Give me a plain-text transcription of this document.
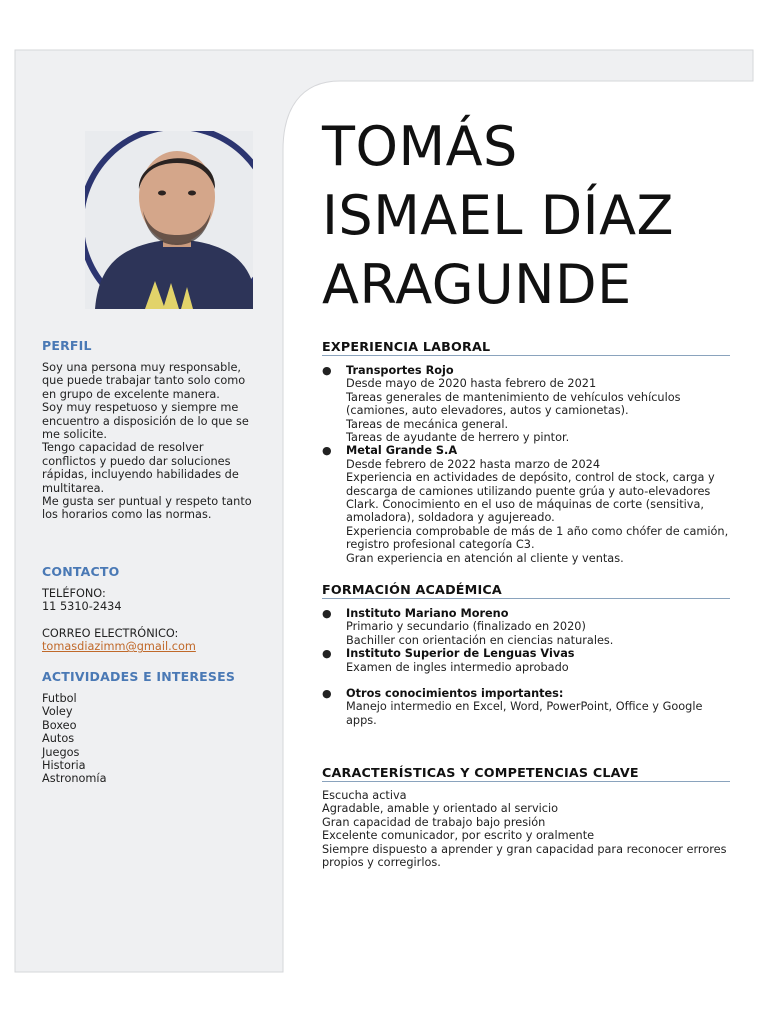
PERFIL

Soy una persona muy responsable, que puede trabajar tanto solo como en grupo de excelente manera.

Soy muy respetuoso y siempre me encuentro a disposición de lo que se me solicite.

Tengo capacidad de resolver conflictos y puedo dar soluciones rápidas, incluyendo habilidades de multitarea.

Me gusta ser puntual y respeto tanto los horarios como las normas.

CONTACTO

TELÉFONO:

11 5310-2434

CORREO ELECTRÓNICO:

tomasdiazimm@gmail.com

ACTIVIDADES E INTERESES

Futbol

Voley

Boxeo

Autos

Juegos

Historia

Astronomía

TOMÁS
ISMAEL DÍAZ
ARAGUNDE
EXPERIENCIA LABORAL
● Transportes Rojo
Desde mayo de 2020 hasta febrero de 2021
Tareas generales de mantenimiento de vehículos vehículos (camiones, auto elevadores, autos y camionetas).
Tareas de mecánica general.
Tareas de ayudante de herrero y pintor.
● Metal Grande S.A
Desde febrero de 2022 hasta marzo de 2024
Experiencia en actividades de depósito, control de stock, carga y descarga de camiones utilizando puente grúa y auto-elevadores Clark. Conocimiento en el uso de máquinas de corte (sensitiva, amoladora), soldadora y agujereado.
Experiencia comprobable de más de 1 año como chófer de camión, registro profesional categoría C3.
Gran experiencia en atención al cliente y ventas.
FORMACIÓN ACADÉMICA
● Instituto Mariano Moreno
Primario y secundario (finalizado en 2020)
Bachiller con orientación en ciencias naturales.
● Instituto Superior de Lenguas Vivas
Examen de ingles intermedio aprobado
● Otros conocimientos importantes:
Manejo intermedio en Excel, Word, PowerPoint, Office y Google apps.
CARACTERÍSTICAS Y COMPETENCIAS CLAVE
Escucha activa
Agradable, amable y orientado al servicio
Gran capacidad de trabajo bajo presión
Excelente comunicador, por escrito y oralmente
Siempre dispuesto a aprender y gran capacidad para reconocer errores propios y corregirlos.
